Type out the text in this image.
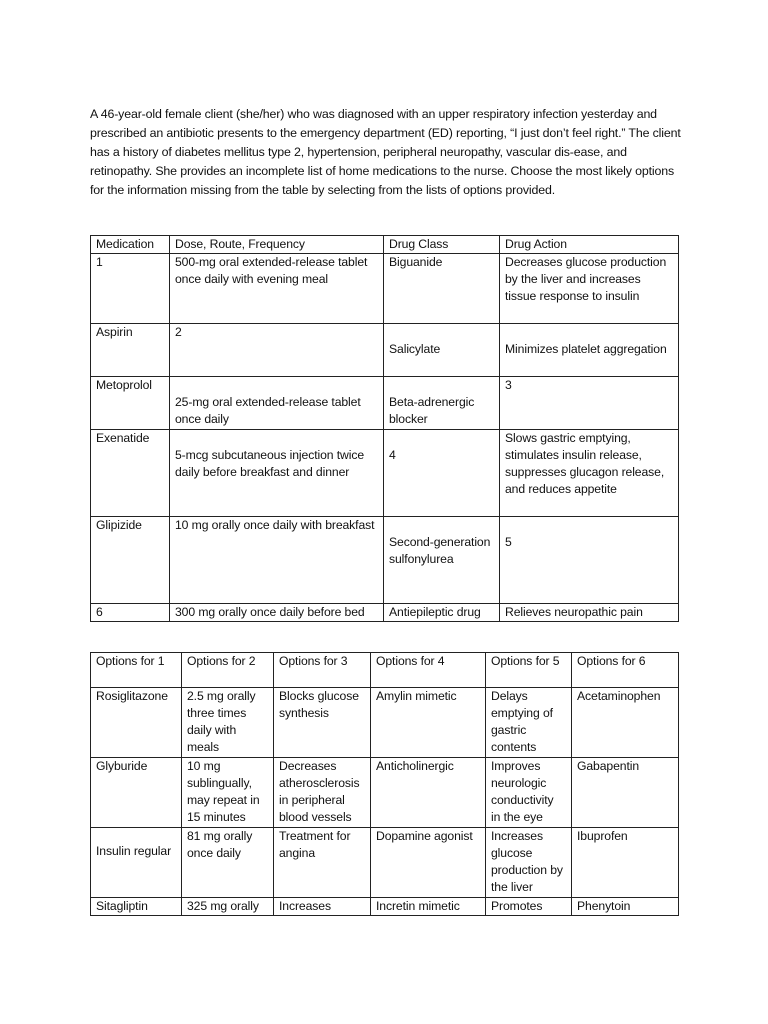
A 46-year-old female client (she/her) who was diagnosed with an upper respiratory infection yesterday and prescribed an antibiotic presents to the emergency department (ED) reporting, “I just don’t feel right.” The client has a history of diabetes mellitus type 2, hypertension, peripheral neuropathy, vascular dis-ease, and retinopathy. She provides an incomplete list of home medications to the nurse. Choose the most likely options for the information missing from the table by selecting from the lists of options provided.

Medication	Dose, Route, Frequency	Drug Class	Drug Action
1	500-mg oral extended-release tablet once daily with evening meal	Biguanide	Decreases glucose production by the liver and increases tissue response to insulin
Aspirin	2	Salicylate	Minimizes platelet aggregation
Metoprolol	25-mg oral extended-release tablet once daily	Beta-adrenergic blocker	3
Exenatide	5-mcg subcutaneous injection twice daily before breakfast and dinner	4	Slows gastric emptying, stimulates insulin release, suppresses glucagon release, and reduces appetite
Glipizide	10 mg orally once daily with breakfast	Second-generation sulfonylurea	5
6	300 mg orally once daily before bed	Antiepileptic drug	Relieves neuropathic pain
Options for 1	Options for 2	Options for 3	Options for 4	Options for 5	Options for 6
Rosiglitazone	2.5 mg orally three times daily with meals	Blocks glucose synthesis	Amylin mimetic	Delays emptying of gastric contents	Acetaminophen
Glyburide	10 mg sublingually, may repeat in 15 minutes	Decreases atherosclerosis in peripheral blood vessels	Anticholinergic	Improves neurologic conductivity in the eye	Gabapentin
Insulin regular	81 mg orally once daily	Treatment for angina	Dopamine agonist	Increases glucose production by the liver	Ibuprofen
Sitagliptin	325 mg orally	Increases	Incretin mimetic	Promotes	Phenytoin
